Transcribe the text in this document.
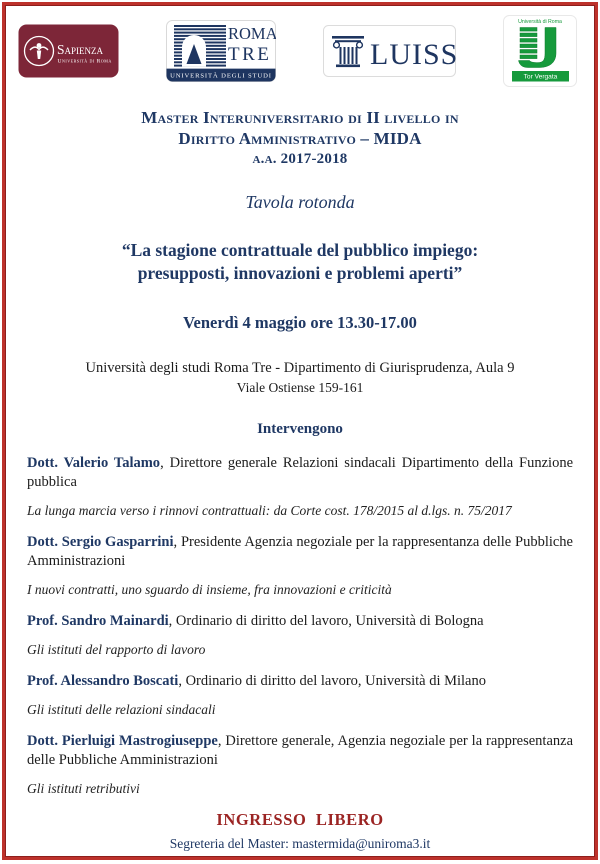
Sapienza
Università di Roma
ROMA
TRE
UNIVERSITÀ DEGLI STUDI
LUISS
Università di Roma
Tor Vergata
Master Interuniversitario di II livello in
Diritto Amministrativo – MIDA
a.a. 2017-2018
Tavola rotonda
“La stagione contrattuale del pubblico impiego:
presupposti, innovazioni e problemi aperti”
Venerdì 4 maggio ore 13.30-17.00
Università degli studi Roma Tre - Dipartimento di Giurisprudenza, Aula 9
Viale Ostiense 159-161
Intervengono
Dott. Valerio Talamo, Direttore generale Relazioni sindacali Dipartimento della Funzione pubblica
La lunga marcia verso i rinnovi contrattuali: da Corte cost. 178/2015 al d.lgs. n. 75/2017
Dott. Sergio Gasparrini, Presidente Agenzia negoziale per la rappresentanza delle Pubbliche Amministrazioni
I nuovi contratti, uno sguardo di insieme, fra innovazioni e criticità
Prof. Sandro Mainardi, Ordinario di diritto del lavoro, Università di Bologna
Gli istituti del rapporto di lavoro
Prof. Alessandro Boscati, Ordinario di diritto del lavoro, Università di Milano
Gli istituti delle relazioni sindacali
Dott. Pierluigi Mastrogiuseppe, Direttore generale, Agenzia negoziale per la rappresentanza delle Pubbliche Amministrazioni
Gli istituti retributivi
INGRESSO  LIBERO
Segreteria del Master: mastermida@uniroma3.it
